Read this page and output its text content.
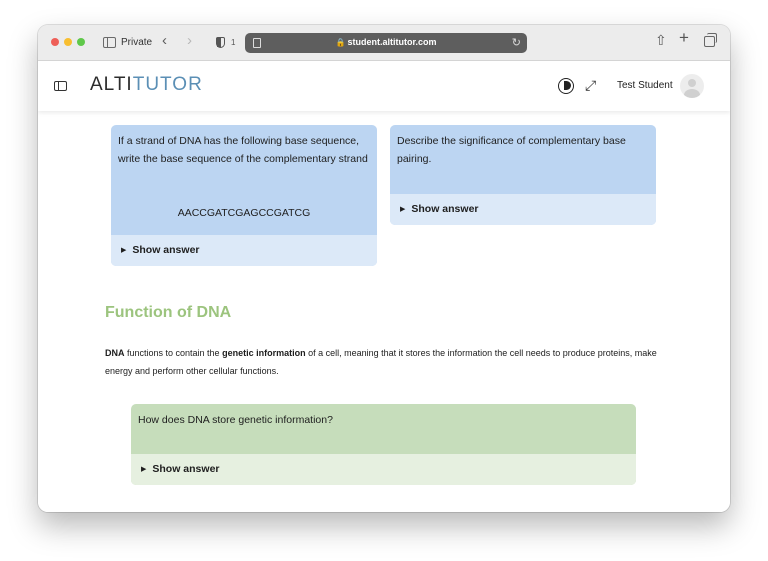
Private ‹ ›	1	🔒 student.altitutor.com	↻	⇧ +
ALTITUTOR	⤢ Test Student
If a strand of DNA has the following base sequence, write the base sequence of the complementary strand
AACCGATCGAGCCGATCG
▶ Show answer
Describe the significance of complementary base pairing.
▶ Show answer
Function of DNA
DNA functions to contain the genetic information of a cell, meaning that it stores the information the cell needs to produce proteins, make energy and perform other cellular functions.
How does DNA store genetic information?
▶ Show answer
